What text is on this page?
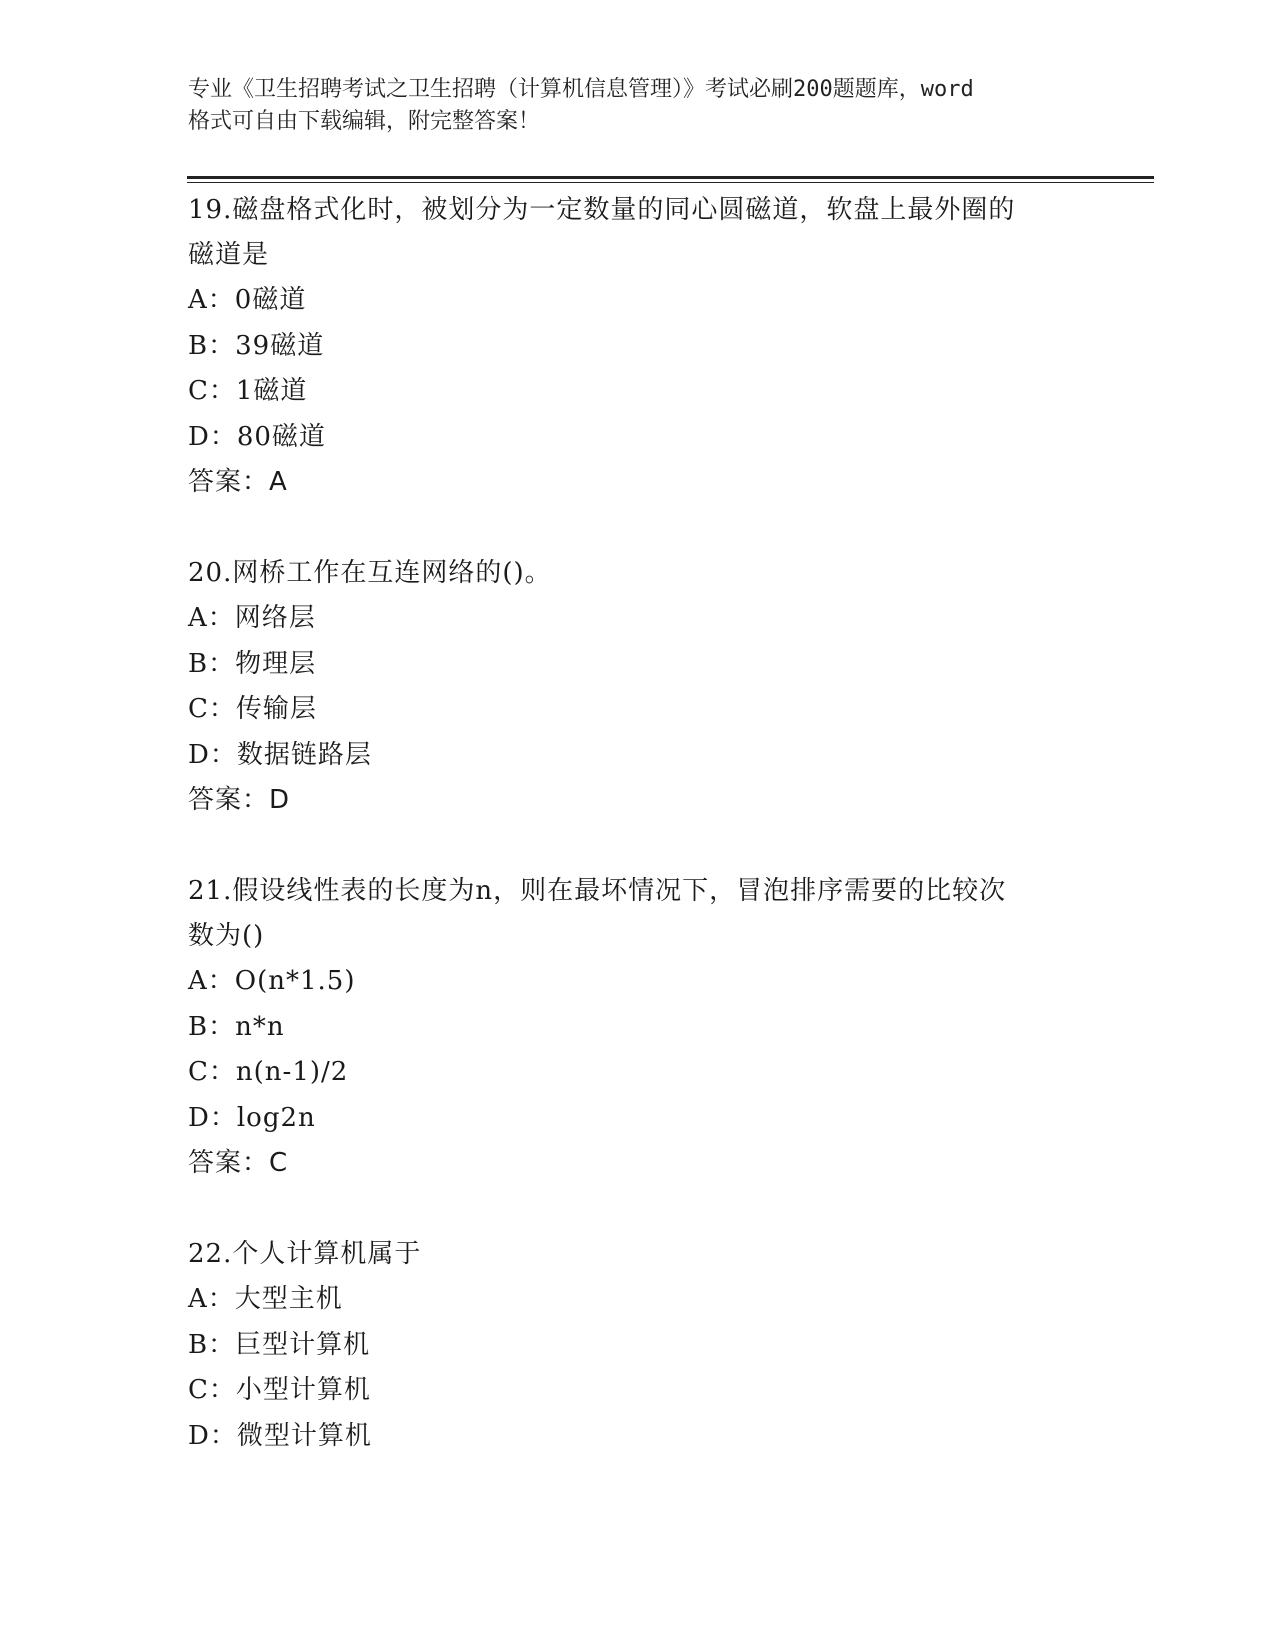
专业《卫生招聘考试之卫生招聘（计算机信息管理）》考试必刷200题题库，word
格式可自由下载编辑，附完整答案！
19.磁盘格式化时，被划分为一定数量的同心圆磁道，软盘上最外圈的
磁道是
A：0磁道
B：39磁道
C：1磁道
D：80磁道
答案：A
20.网桥工作在互连网络的()。
A：网络层
B：物理层
C：传输层
D：数据链路层
答案：D
21.假设线性表的长度为n，则在最坏情况下，冒泡排序需要的比较次
数为()
A：O(n*1.5)
B：n*n
C：n(n-1)/2
D：log2n
答案：C
22.个人计算机属于
A：大型主机
B：巨型计算机
C：小型计算机
D：微型计算机
